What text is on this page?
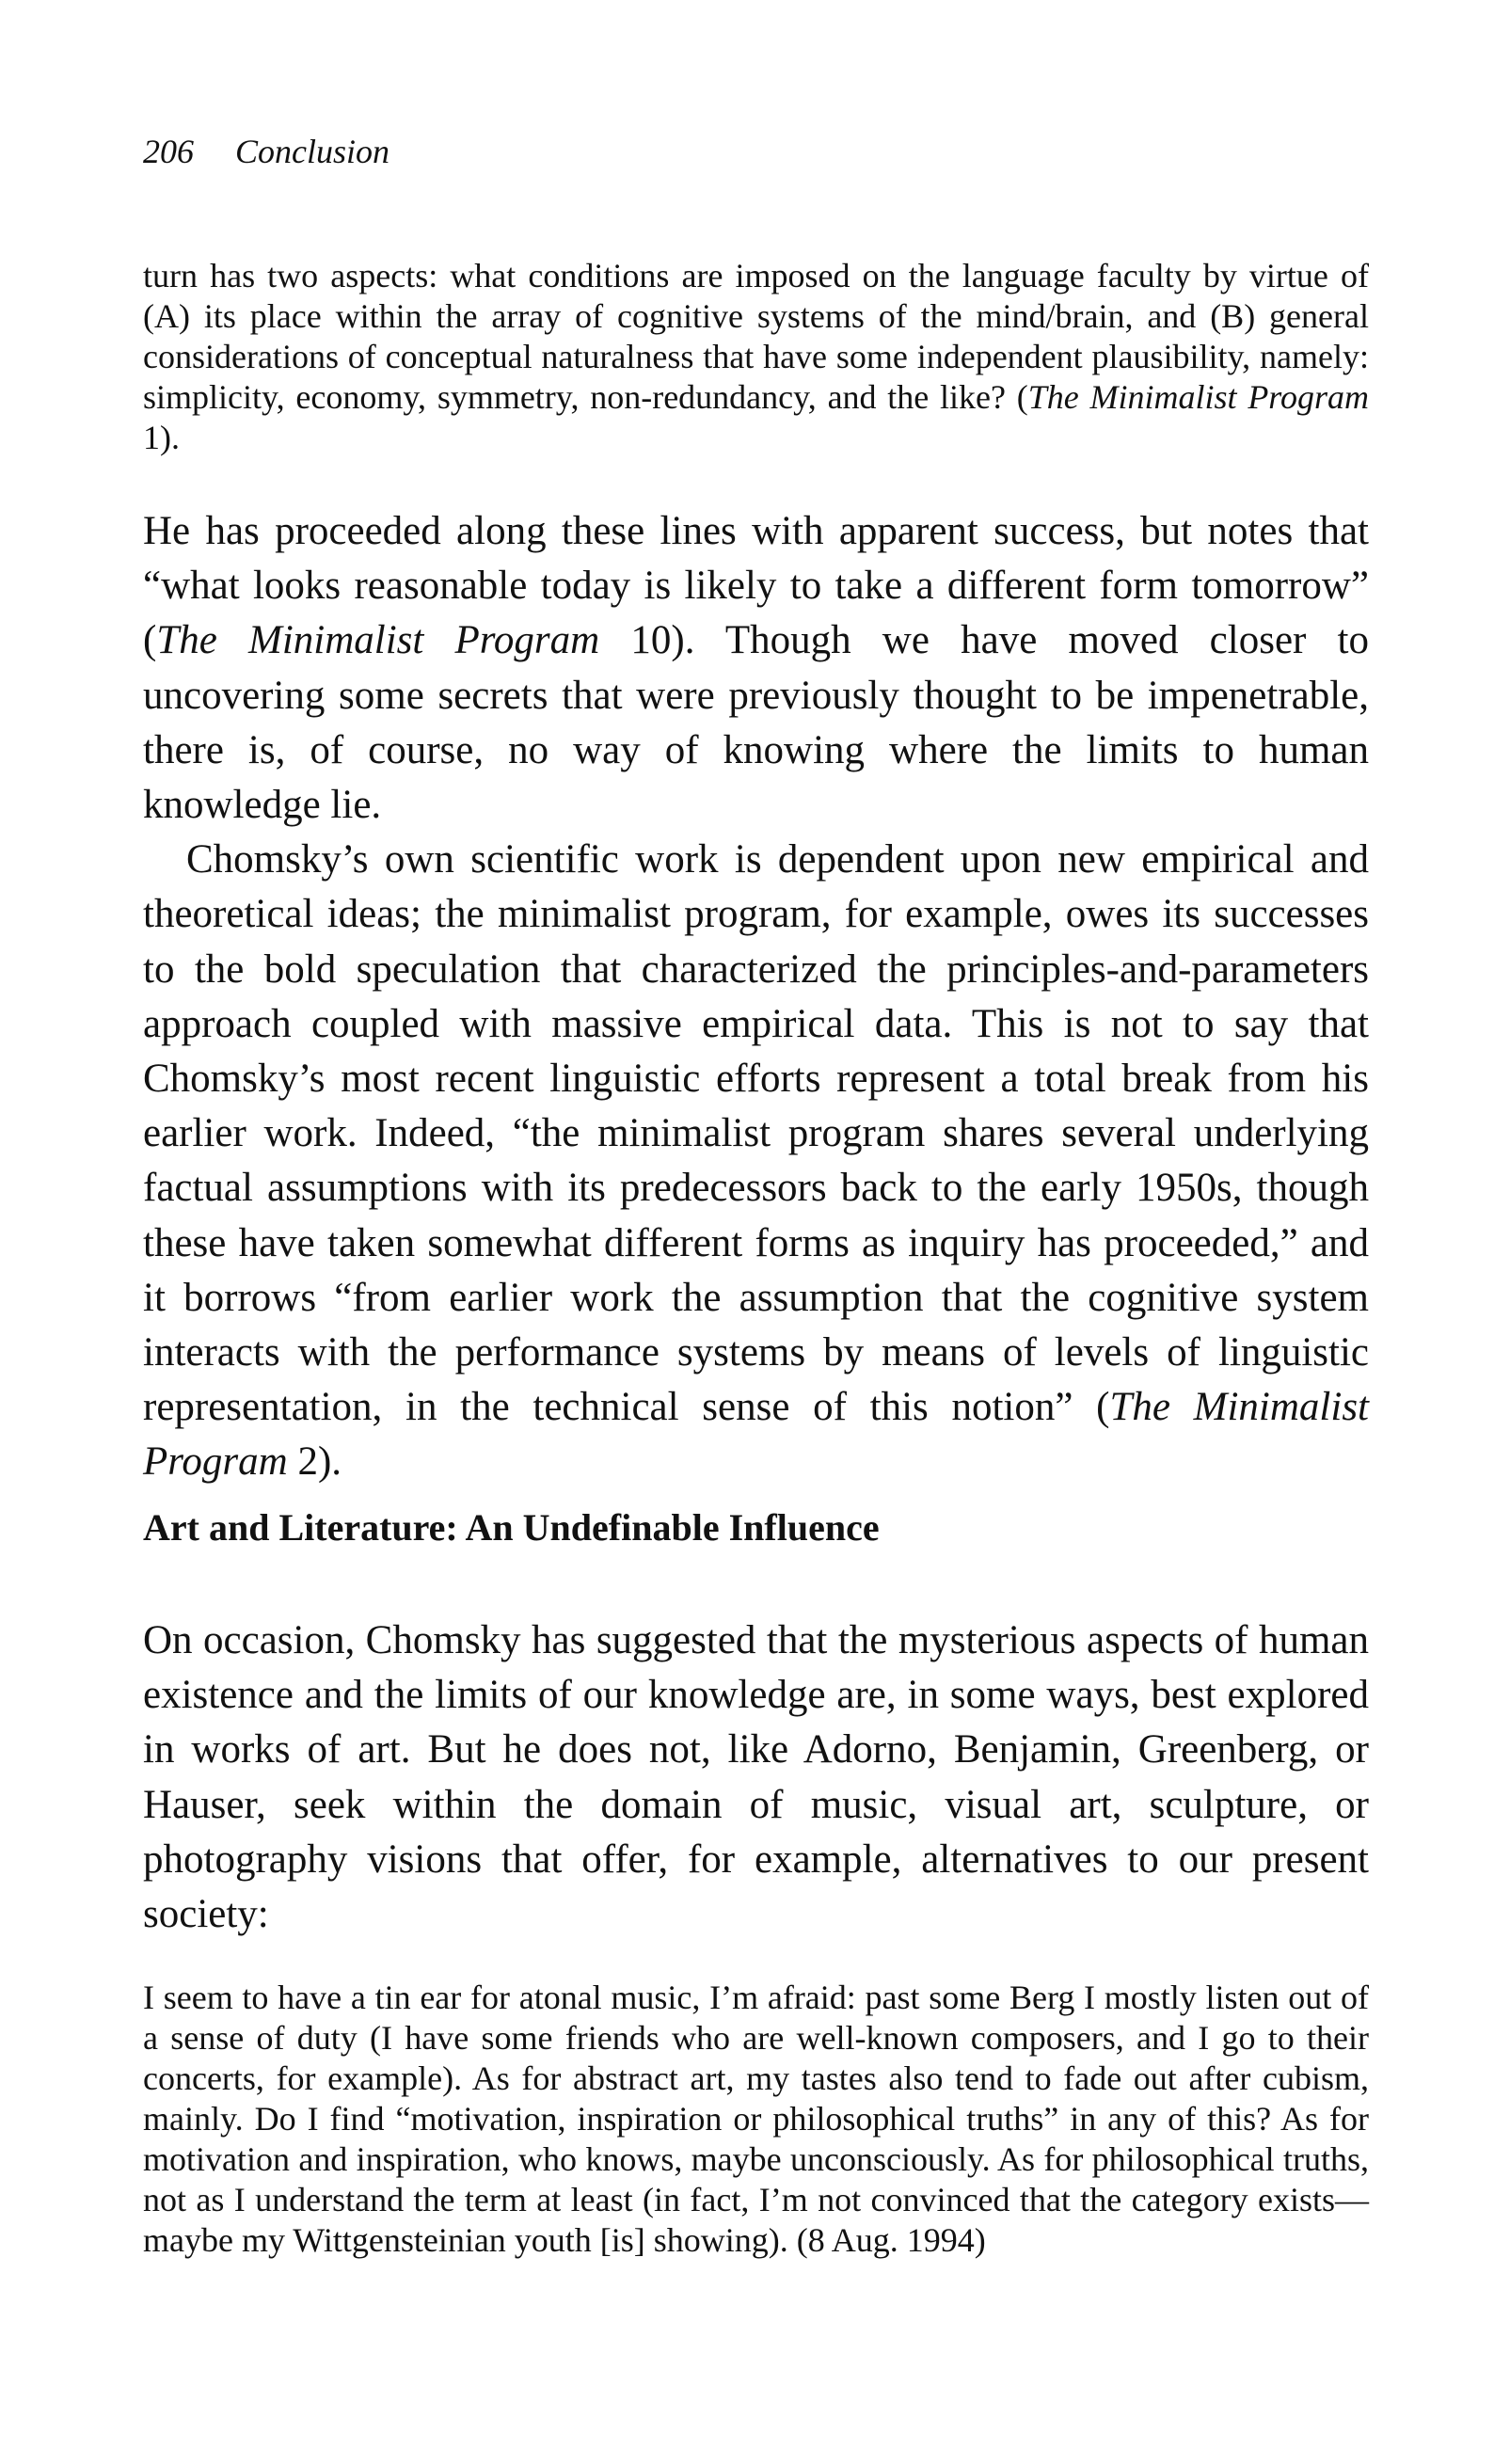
206 Conclusion

turn has two aspects: what conditions are imposed on the language faculty by virtue of (A) its place within the array of cognitive systems of the mind/brain, and (B) general considerations of conceptual naturalness that have some independent plausibility, namely: simplicity, economy, symmetry, non-redundancy, and the like? (The Minimalist Program 1).

He has proceeded along these lines with apparent success, but notes that “what looks reasonable today is likely to take a different form tomorrow” (The Minimalist Program 10). Though we have moved closer to uncovering some secrets that were previously thought to be impenetrable, there is, of course, no way of knowing where the limits to human knowledge lie.

Chomsky’s own scientific work is dependent upon new empirical and theoretical ideas; the minimalist program, for example, owes its successes to the bold speculation that characterized the principles-and-parameters approach coupled with massive empirical data. This is not to say that Chomsky’s most recent linguistic efforts represent a total break from his earlier work. Indeed, “the minimalist program shares several underlying factual assumptions with its predecessors back to the early 1950s, though these have taken somewhat different forms as inquiry has proceeded,” and it borrows “from earlier work the assumption that the cognitive system interacts with the performance systems by means of levels of linguistic representation, in the technical sense of this notion” (The Minimalist Program 2).

Art and Literature: An Undefinable Influence

On occasion, Chomsky has suggested that the mysterious aspects of human existence and the limits of our knowledge are, in some ways, best explored in works of art. But he does not, like Adorno, Benjamin, Greenberg, or Hauser, seek within the domain of music, visual art, sculpture, or photography visions that offer, for example, alternatives to our present society:

I seem to have a tin ear for atonal music, I’m afraid: past some Berg I mostly listen out of a sense of duty (I have some friends who are well-known composers, and I go to their concerts, for example). As for abstract art, my tastes also tend to fade out after cubism, mainly. Do I find “motivation, inspiration or philosophical truths” in any of this? As for motivation and inspiration, who knows, maybe unconsciously. As for philosophical truths, not as I understand the term at least (in fact, I’m not convinced that the category exists—maybe my Wittgensteinian youth [is] showing). (8 Aug. 1994)
